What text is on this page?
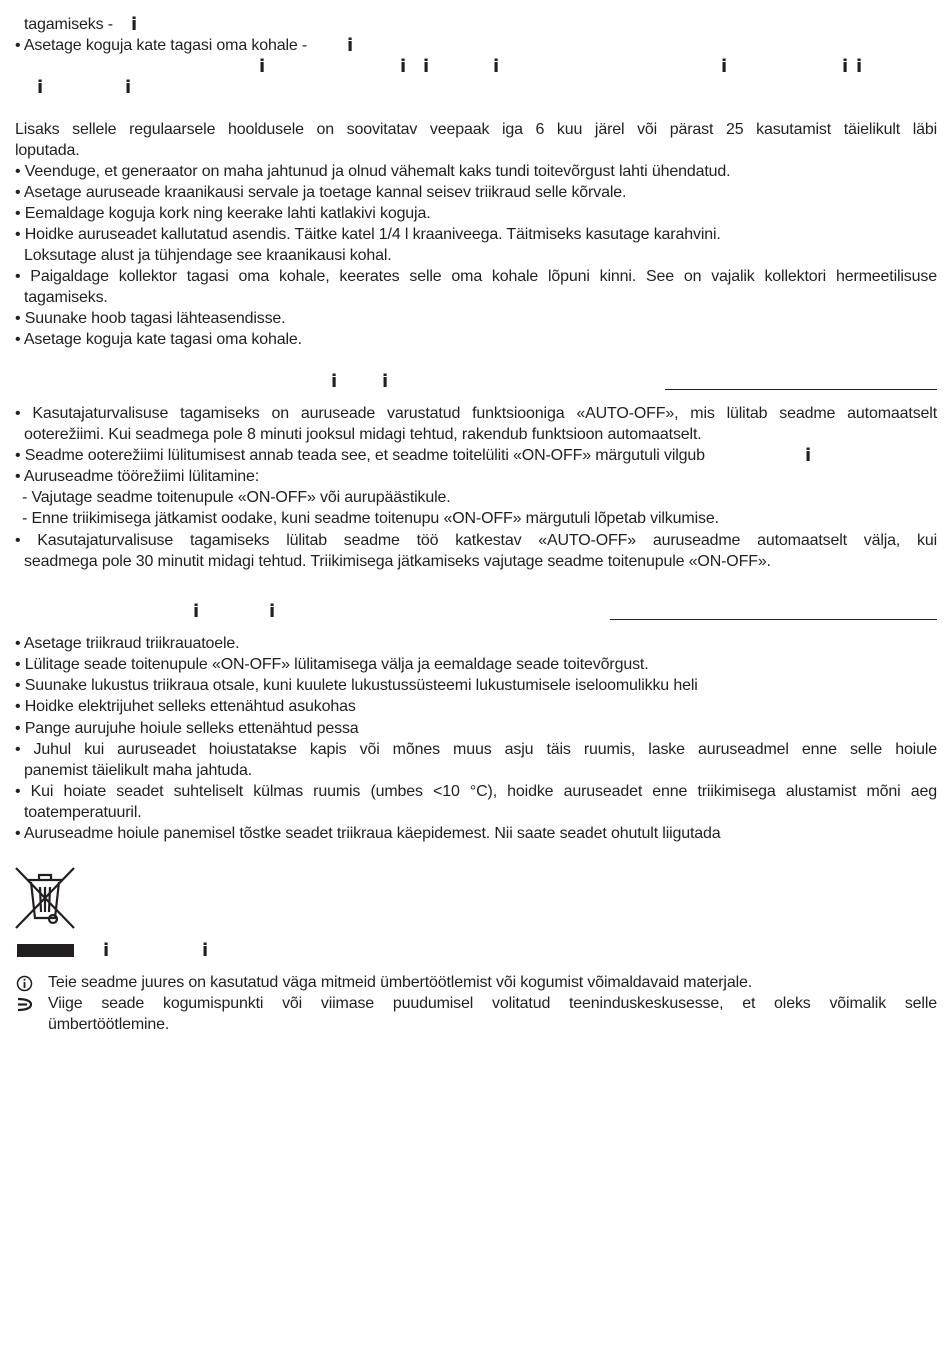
tagamiseks -	i
• Asetage koguja kate tagasi oma kohale -	i
i	i i	i	i	i i
i	i
Lisaks sellele regulaarsele hooldusele on soovitatav veepaak iga 6 kuu järel või pärast 25 kasutamist täielikult läbi
loputada.
• Veenduge, et generaator on maha jahtunud ja olnud vähemalt kaks tundi toitevõrgust lahti ühendatud.
• Asetage auruseade kraanikausi servale ja toetage kannal seisev triikraud selle kõrvale.
• Eemaldage koguja kork ning keerake lahti katlakivi koguja.
• Hoidke auruseadet kallutatud asendis. Täitke katel 1/4 l kraaniveega. Täitmiseks kasutage karahvini.
Loksutage alust ja tühjendage see kraanikausi kohal.
• Paigaldage kollektor tagasi oma kohale, keerates selle oma kohale lõpuni kinni. See on vajalik kollektori hermeetilisuse
tagamiseks.
• Suunake hoob tagasi lähteasendisse.
• Asetage koguja kate tagasi oma kohale.
i i
• Kasutajaturvalisuse tagamiseks on auruseade varustatud funktsiooniga «AUTO-OFF», mis lülitab seadme automaatselt
ooterežiimi. Kui seadmega pole 8 minuti jooksul midagi tehtud, rakendub funktsioon automaatselt.
• Seadme ooterežiimi lülitumisest annab teada see, et seadme toitelüliti «ON-OFF» märgutuli vilgub	i
• Auruseadme töörežiimi lülitamine:
- Vajutage seadme toitenupule «ON-OFF» või aurupäästikule.
- Enne triikimisega jätkamist oodake, kuni seadme toitenupu «ON-OFF» märgutuli lõpetab vilkumise.
• Kasutajaturvalisuse tagamiseks lülitab seadme töö katkestav «AUTO-OFF» auruseadme automaatselt välja, kui
seadmega pole 30 minutit midagi tehtud. Triikimisega jätkamiseks vajutage seadme toitenupule «ON-OFF».
i	i
• Asetage triikraud triikrauatoele.
• Lülitage seade toitenupule «ON-OFF» lülitamisega välja ja eemaldage seade toitevõrgust.
• Suunake lukustus triikraua otsale, kuni kuulete lukustussüsteemi lukustumisele iseloomulikku heli
• Hoidke elektrijuhet selleks ettenähtud asukohas
• Pange aurujuhe hoiule selleks ettenähtud pessa
• Juhul kui auruseadet hoiustatakse kapis või mõnes muus asju täis ruumis, laske auruseadmel enne selle hoiule
panemist täielikult maha jahtuda.
• Kui hoiate seadet suhteliselt külmas ruumis (umbes <10 °C), hoidke auruseadet enne triikimisega alustamist mõni aeg
toatemperatuuril.
• Auruseadme hoiule panemisel tõstke seadet triikraua käepidemest. Nii saate seadet ohutult liigutada
i	i
Teie seadme juures on kasutatud väga mitmeid ümbertöötlemist või kogumist võimaldavaid materjale.
Viige seade kogumispunkti või viimase puudumisel volitatud teeninduskeskusesse, et oleks võimalik selle
ümbertöötlemine.
